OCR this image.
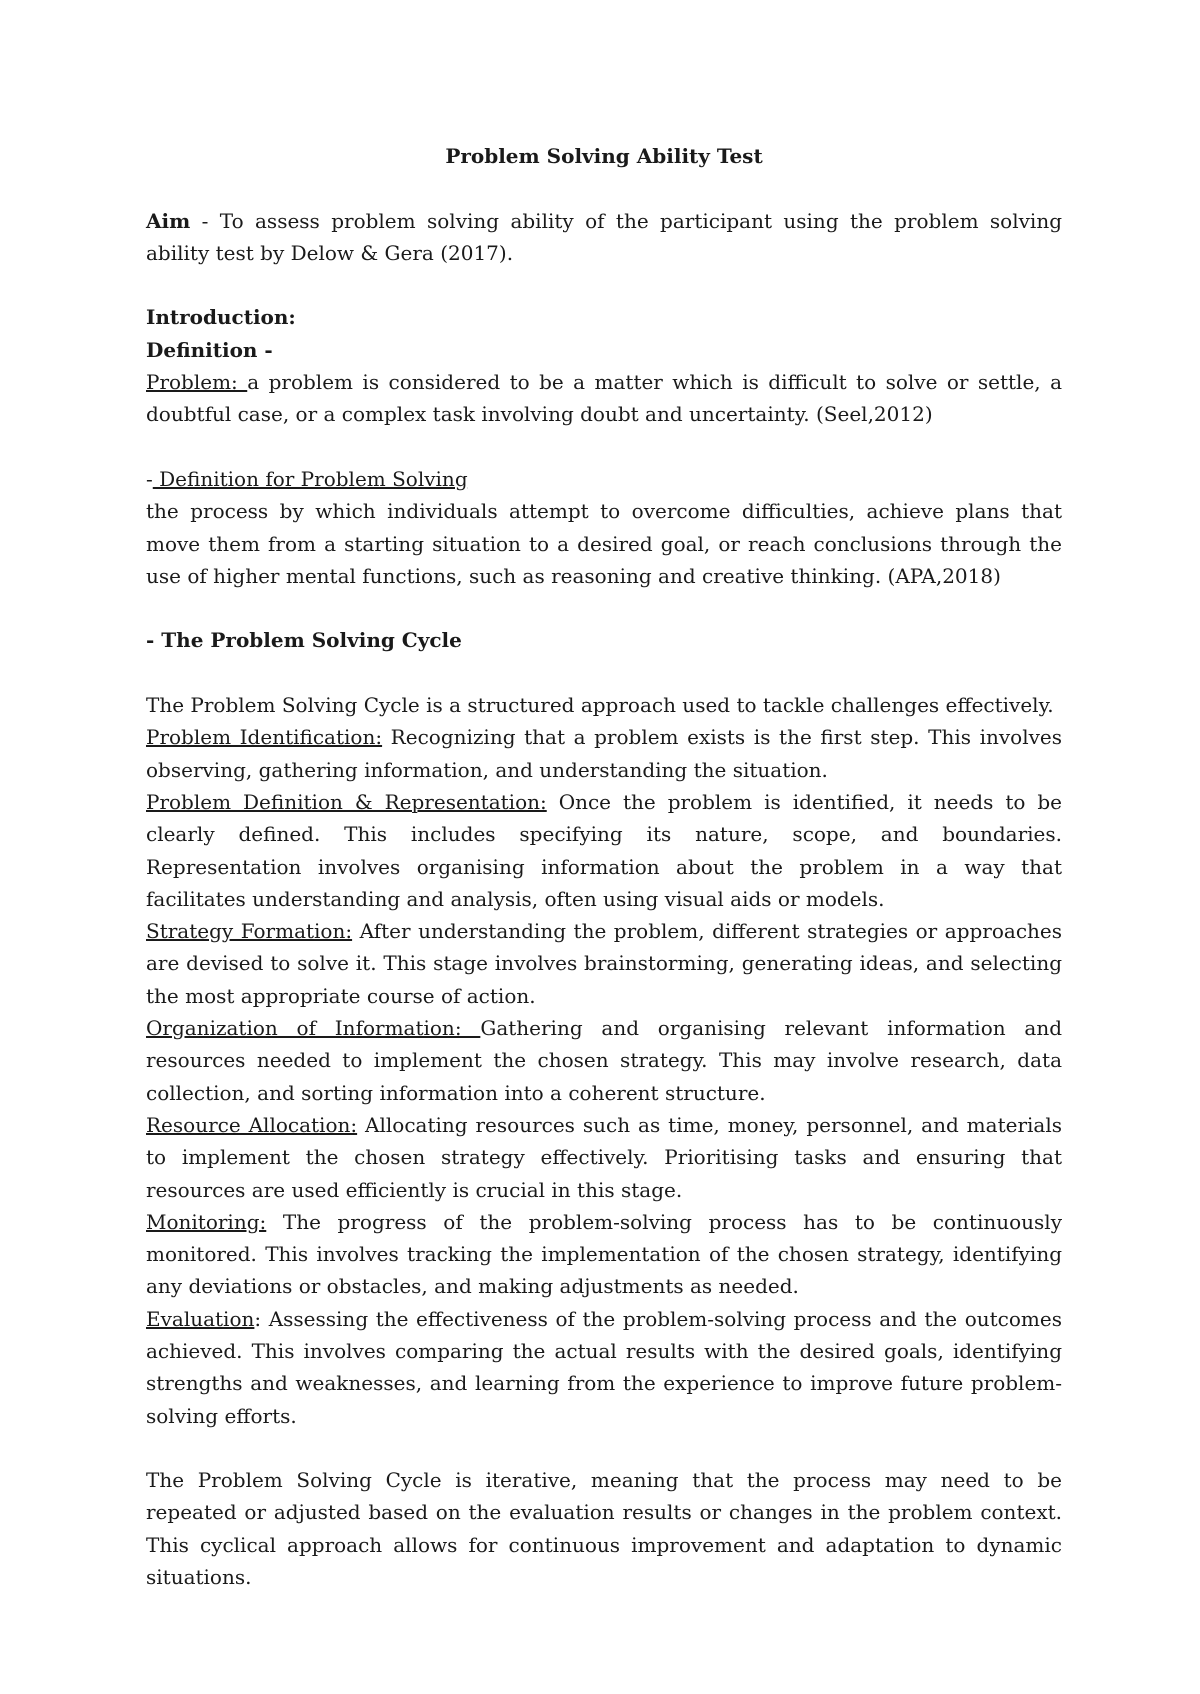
Problem Solving Ability Test

Aim - To assess problem solving ability of the participant using the problem solving ability test by Delow & Gera (2017).

Introduction:

Definition -

Problem: a problem is considered to be a matter which is difficult to solve or settle, a doubtful case, or a complex task involving doubt and uncertainty. (Seel,2012)

- Definition for Problem Solving

the process by which individuals attempt to overcome difficulties, achieve plans that move them from a starting situation to a desired goal, or reach conclusions through the use of higher mental functions, such as reasoning and creative thinking. (APA,2018)

- The Problem Solving Cycle

The Problem Solving Cycle is a structured approach used to tackle challenges effectively.

Problem Identification: Recognizing that a problem exists is the first step. This involves observing, gathering information, and understanding the situation.

Problem Definition & Representation: Once the problem is identified, it needs to be clearly defined. This includes specifying its nature, scope, and boundaries. Representation involves organising information about the problem in a way that facilitates understanding and analysis, often using visual aids or models.

Strategy Formation: After understanding the problem, different strategies or approaches are devised to solve it. This stage involves brainstorming, generating ideas, and selecting the most appropriate course of action.

Organization of Information: Gathering and organising relevant information and resources needed to implement the chosen strategy. This may involve research, data collection, and sorting information into a coherent structure.

Resource Allocation: Allocating resources such as time, money, personnel, and materials to implement the chosen strategy effectively. Prioritising tasks and ensuring that resources are used efficiently is crucial in this stage.

Monitoring: The progress of the problem-solving process has to be continuously monitored. This involves tracking the implementation of the chosen strategy, identifying any deviations or obstacles, and making adjustments as needed.

Evaluation: Assessing the effectiveness of the problem-solving process and the outcomes achieved. This involves comparing the actual results with the desired goals, identifying strengths and weaknesses, and learning from the experience to improve future problem-solving efforts.

The Problem Solving Cycle is iterative, meaning that the process may need to be repeated or adjusted based on the evaluation results or changes in the problem context. This cyclical approach allows for continuous improvement and adaptation to dynamic situations.
